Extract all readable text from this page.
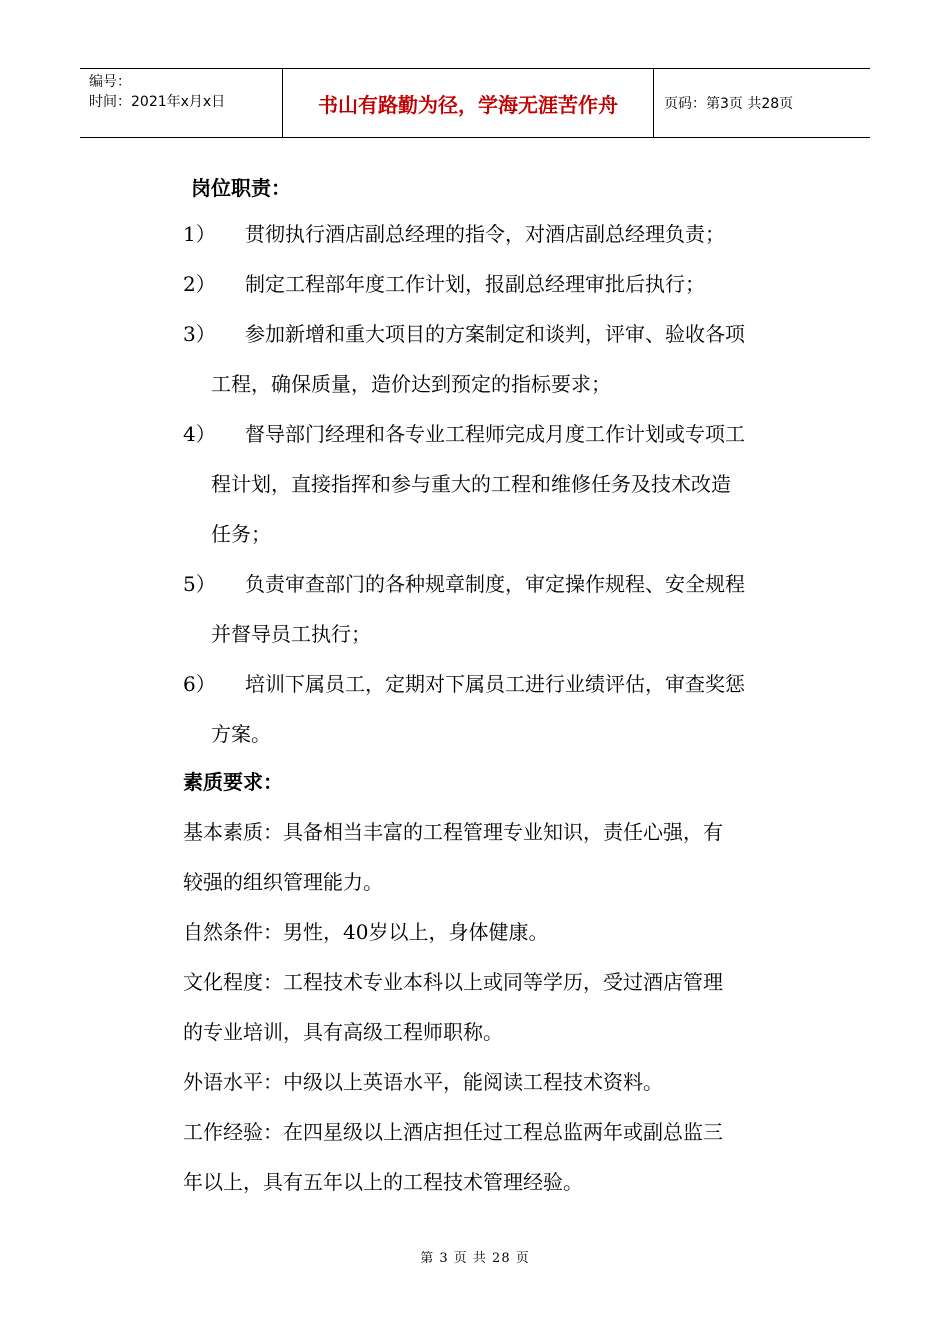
编号：
时间：2021年x月x日	书山有路勤为径，学海无涯苦作舟	页码：第3页 共28页
岗位职责：
1） 贯彻执行酒店副总经理的指令，对酒店副总经理负责；
2） 制定工程部年度工作计划，报副总经理审批后执行；
3） 参加新增和重大项目的方案制定和谈判，评审、验收各项
工程，确保质量，造价达到预定的指标要求；
4） 督导部门经理和各专业工程师完成月度工作计划或专项工
程计划，直接指挥和参与重大的工程和维修任务及技术改造
任务；
5） 负责审查部门的各种规章制度，审定操作规程、安全规程
并督导员工执行；
6） 培训下属员工，定期对下属员工进行业绩评估，审查奖惩
方案。
素质要求：
基本素质：具备相当丰富的工程管理专业知识，责任心强，有
较强的组织管理能力。
自然条件：男性，40岁以上，身体健康。
文化程度：工程技术专业本科以上或同等学历，受过酒店管理
的专业培训，具有高级工程师职称。
外语水平：中级以上英语水平，能阅读工程技术资料。
工作经验：在四星级以上酒店担任过工程总监两年或副总监三
年以上，具有五年以上的工程技术管理经验。
第 3 页 共 28 页
